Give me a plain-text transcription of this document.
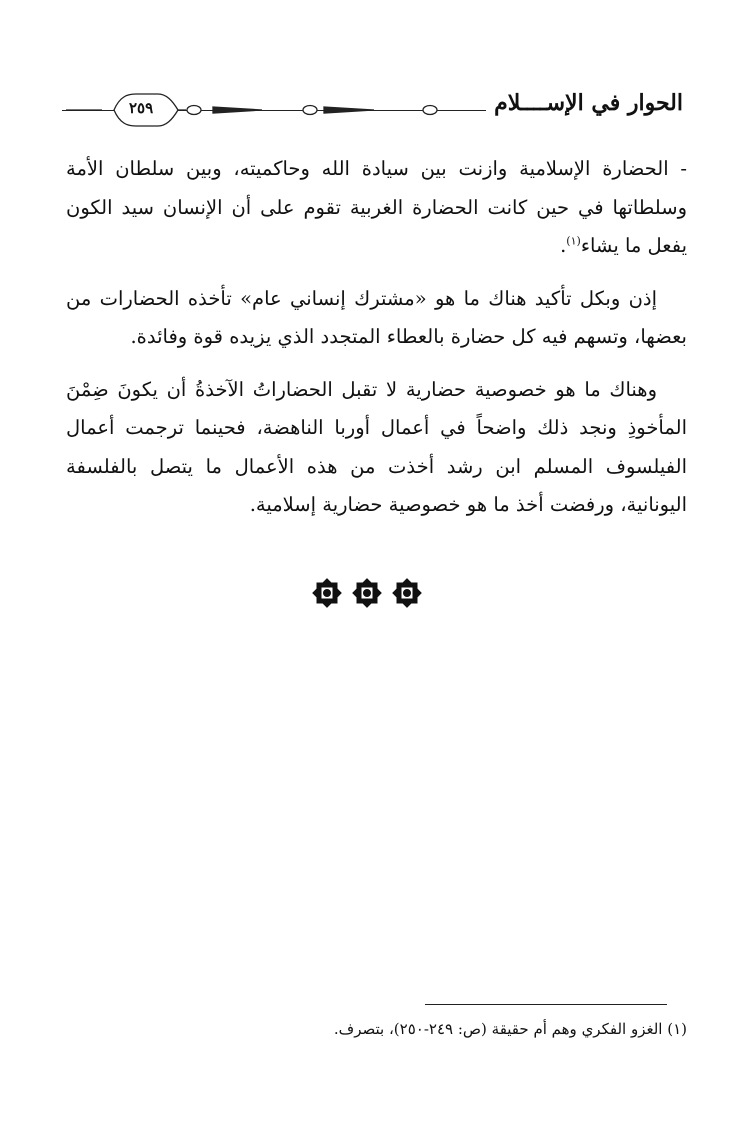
٢٥٩	الحوار في الإســــلام

- الحضارة الإسلامية وازنت بين سيادة الله وحاكميته، وبين سلطان الأمة وسلطاتها في حين كانت الحضارة الغربية تقوم على أن الإنسان سيد الكون يفعل ما يشاء$^{(١)}$.

إذن وبكل تأكيد هناك ما هو «مشترك إنساني عام» تأخذه الحضارات من بعضها، وتسهم فيه كل حضارة بالعطاء المتجدد الذي يزيده قوة وفائدة.

وهناك ما هو خصوصية حضارية لا تقبل الحضاراتُ الآخذةُ أن يكونَ ضِمْنَ المأخوذِ ونجد ذلك واضحاً في أعمال أوربا الناهضة، فحينما ترجمت أعمال الفيلسوف المسلم ابن رشد أخذت من هذه الأعمال ما يتصل بالفلسفة اليونانية، ورفضت أخذ ما هو خصوصية حضارية إسلامية.

(١) الغزو الفكري وهم أم حقيقة (ص: ٢٤٩-٢٥٠)، بتصرف.
